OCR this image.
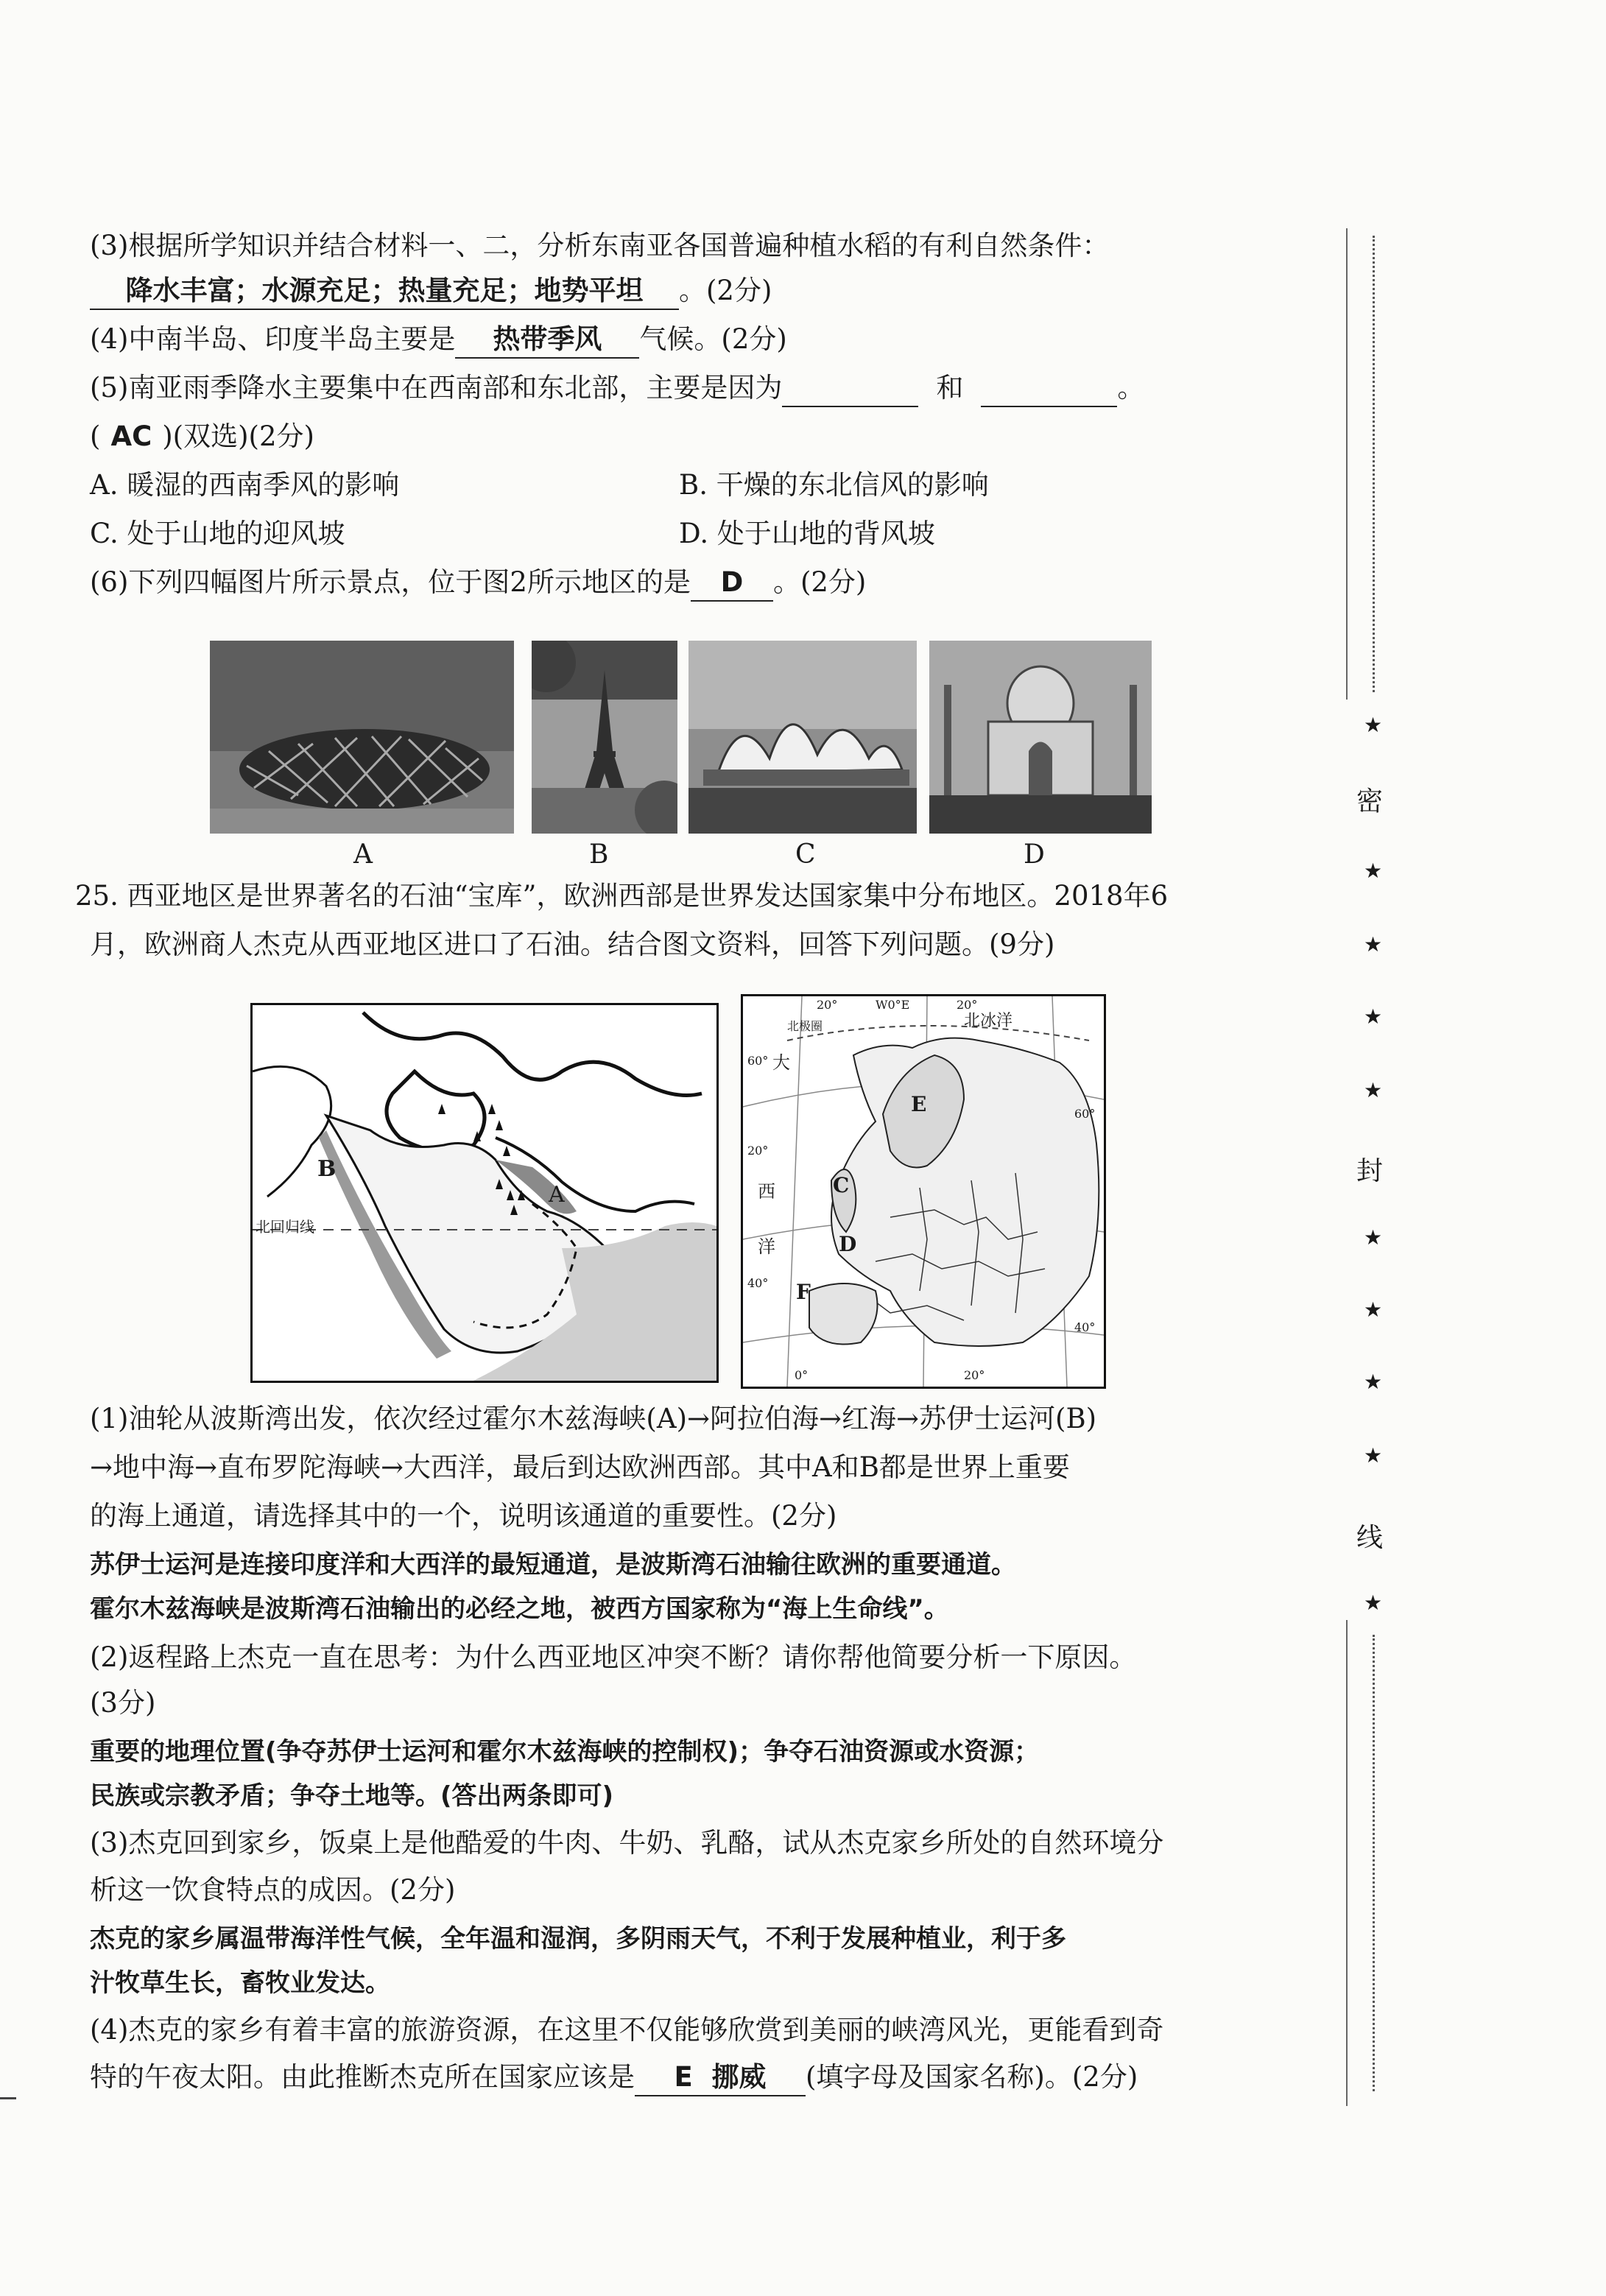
(3)根据所学知识并结合材料一、二，分析东南亚各国普遍种植水稻的有利自然条件：
降水丰富；水源充足；热量充足；地势平坦 。(2分)
(4)中南半岛、印度半岛主要是 热带季风 气候。(2分)
(5)南亚雨季降水主要集中在西南部和东北部，主要是因为	和	。
( AC )(双选)(2分)
A. 暖湿的西南季风的影响	B. 干燥的东北信风的影响
C. 处于山地的迎风坡	D. 处于山地的背风坡
(6)下列四幅图片所示景点，位于图2所示地区的是 D 。(2分)
A	B	C	D
25. 西亚地区是世界著名的石油“宝库”，欧洲西部是世界发达国家集中分布地区。2018年6
月，欧洲商人杰克从西亚地区进口了石油。结合图文资料，回答下列问题。(9分)
A
B
北回归线
北冰洋
北极圈
W0°E
20°	20°
0°	20°
60°
60°
20°
40°
40°
大
西
洋
C
D
E
F
(1)油轮从波斯湾出发，依次经过霍尔木兹海峡(A)→阿拉伯海→红海→苏伊士运河(B)
→地中海→直布罗陀海峡→大西洋，最后到达欧洲西部。其中A和B都是世界上重要
的海上通道，请选择其中的一个，说明该通道的重要性。(2分)
苏伊士运河是连接印度洋和大西洋的最短通道，是波斯湾石油输往欧洲的重要通道。
霍尔木兹海峡是波斯湾石油输出的必经之地，被西方国家称为“海上生命线”。
(2)返程路上杰克一直在思考：为什么西亚地区冲突不断？请你帮他简要分析一下原因。
(3分)
重要的地理位置(争夺苏伊士运河和霍尔木兹海峡的控制权)；争夺石油资源或水资源；
民族或宗教矛盾；争夺土地等。(答出两条即可)
(3)杰克回到家乡，饭桌上是他酷爱的牛肉、牛奶、乳酪，试从杰克家乡所处的自然环境分
析这一饮食特点的成因。(2分)
杰克的家乡属温带海洋性气候，全年温和湿润，多阴雨天气，不利于发展种植业，利于多
汁牧草生长，畜牧业发达。
(4)杰克的家乡有着丰富的旅游资源，在这里不仅能够欣赏到美丽的峡湾风光，更能看到奇
特的午夜太阳。由此推断杰克所在国家应该是 E  挪威 (填字母及国家名称)。(2分)
★
密
★
★
★
★
封
★
★
★
★
线
★
